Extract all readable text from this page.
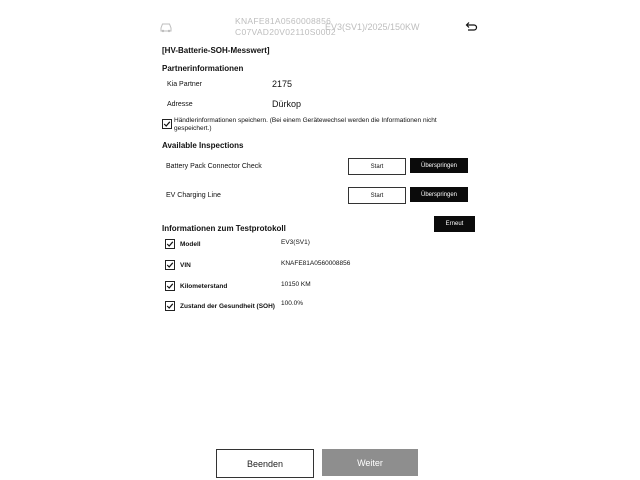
KNAFE81A0560008856
C07VAD20V02110S0002
EV3(SV1)/2025/150KW
[HV-Batterie-SOH-Messwert]
Partnerinformationen
Kia Partner	2175
Adresse	Dürkop
Händlerinformationen speichern. (Bei einem Gerätewechsel werden die Informationen nicht gespeichert.)
Available Inspections
Battery Pack Connector Check	Start	Überspringen
EV Charging Line	Start	Überspringen
Erneut
Informationen zum Testprotokoll
Modell	EV3(SV1)
VIN	KNAFE81A0560008856
Kilometerstand	10150 KM
Zustand der Gesundheit (SOH) 100.0%
Beenden	Weiter
